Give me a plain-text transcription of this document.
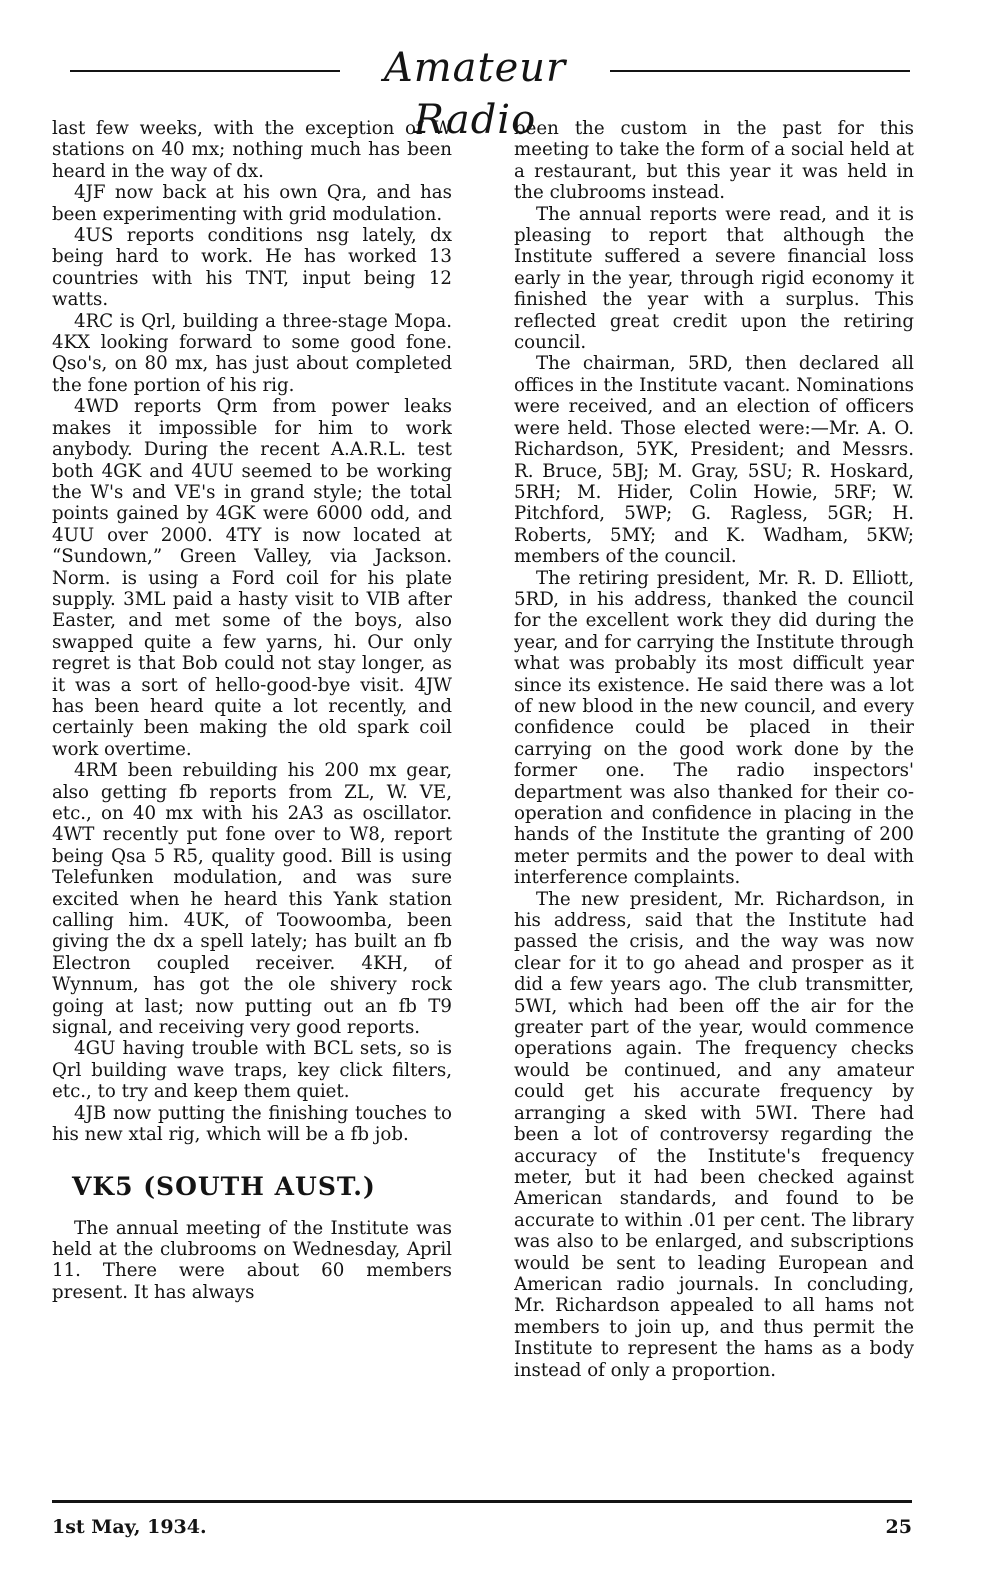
Amateur Radio

last few weeks, with the exception of W stations on 40 mx; nothing much has been heard in the way of dx.

4JF now back at his own Qra, and has been experimenting with grid modulation.

4US reports conditions nsg lately, dx being hard to work. He has worked 13 countries with his TNT, input being 12 watts.

4RC is Qrl, building a three-stage Mopa. 4KX looking forward to some good fone. Qso's, on 80 mx, has just about completed the fone portion of his rig.

4WD reports Qrm from power leaks makes it impossible for him to work anybody. During the recent A.A.R.L. test both 4GK and 4UU seemed to be working the W's and VE's in grand style; the total points gained by 4GK were 6000 odd, and 4UU over 2000. 4TY is now located at “Sundown,” Green Valley, via Jackson. Norm. is using a Ford coil for his plate supply. 3ML paid a hasty visit to VIB after Easter, and met some of the boys, also swapped quite a few yarns, hi. Our only regret is that Bob could not stay longer, as it was a sort of hello-good-bye visit. 4JW has been heard quite a lot recently, and certainly been making the old spark coil work overtime.

4RM been rebuilding his 200 mx gear, also getting fb reports from ZL, W. VE, etc., on 40 mx with his 2A3 as oscillator. 4WT recently put fone over to W8, report being Qsa 5 R5, quality good. Bill is using Telefunken modulation, and was sure excited when he heard this Yank station calling him. 4UK, of Toowoomba, been giving the dx a spell lately; has built an fb Electron coupled receiver. 4KH, of Wynnum, has got the ole shivery rock going at last; now putting out an fb T9 signal, and receiving very good reports.

4GU having trouble with BCL sets, so is Qrl building wave traps, key click filters, etc., to try and keep them quiet.

4JB now putting the finishing touches to his new xtal rig, which will be a fb job.

VK5 (SOUTH AUST.)

The annual meeting of the Institute was held at the clubrooms on Wednesday, April 11. There were about 60 members present. It has always

been the custom in the past for this meeting to take the form of a social held at a restaurant, but this year it was held in the clubrooms instead.

The annual reports were read, and it is pleasing to report that although the Institute suffered a severe financial loss early in the year, through rigid economy it finished the year with a surplus. This reflected great credit upon the retiring council.

The chairman, 5RD, then declared all offices in the Institute vacant. Nominations were received, and an election of officers were held. Those elected were:—Mr. A. O. Richardson, 5YK, President; and Messrs. R. Bruce, 5BJ; M. Gray, 5SU; R. Hoskard, 5RH; M. Hider, Colin Howie, 5RF; W. Pitchford, 5WP; G. Ragless, 5GR; H. Roberts, 5MY; and K. Wadham, 5KW; members of the council.

The retiring president, Mr. R. D. Elliott, 5RD, in his address, thanked the council for the excellent work they did during the year, and for carrying the Institute through what was probably its most difficult year since its existence. He said there was a lot of new blood in the new council, and every confidence could be placed in their carrying on the good work done by the former one. The radio inspectors' department was also thanked for their co-operation and confidence in placing in the hands of the Institute the granting of 200 meter permits and the power to deal with interference complaints.

The new president, Mr. Richardson, in his address, said that the Institute had passed the crisis, and the way was now clear for it to go ahead and prosper as it did a few years ago. The club transmitter, 5WI, which had been off the air for the greater part of the year, would commence operations again. The frequency checks would be continued, and any amateur could get his accurate frequency by arranging a sked with 5WI. There had been a lot of controversy regarding the accuracy of the Institute's frequency meter, but it had been checked against American standards, and found to be accurate to within .01 per cent. The library was also to be enlarged, and subscriptions would be sent to leading European and American radio journals. In concluding, Mr. Richardson appealed to all hams not members to join up, and thus permit the Institute to represent the hams as a body instead of only a proportion.

1st May, 1934.	25
